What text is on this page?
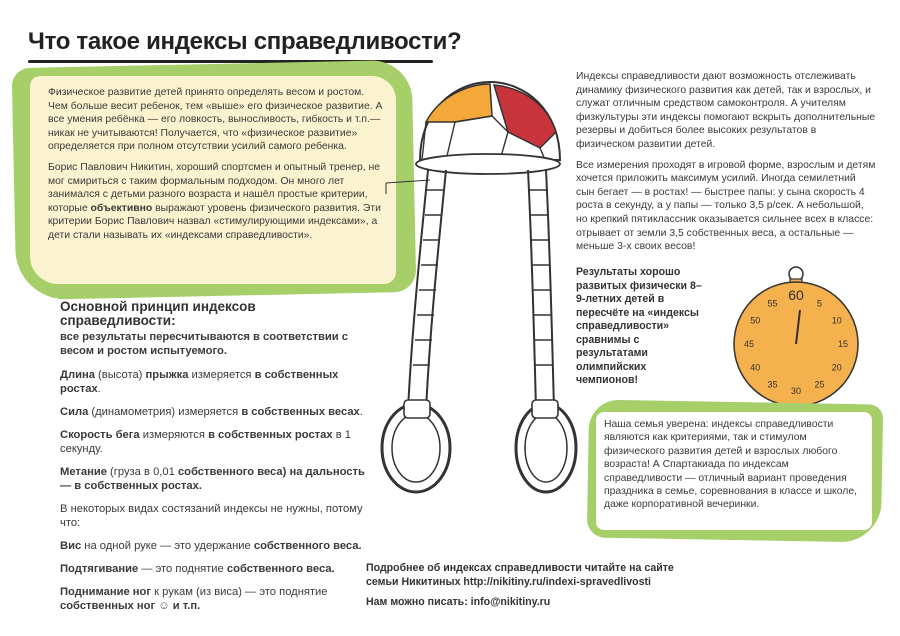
Что такое индексы справедливости?

Физическое развитие детей принято определять весом и ростом. Чем больше весит ребенок, тем «выше» его физическое развитие. А все умения ребёнка — его ловкость, выносливость, гибкость и т.п.— никак не учитываются! Получается, что «физическое развитие» определяется при полном отсутствии усилий самого ребенка.

Борис Павлович Никитин, хороший спортсмен и опытный тренер, не мог смириться с таким формальным подходом. Он много лет занимался с детьми разного возраста и нашёл простые критерии, которые объективно выражают уровень физического развития. Эти критерии Борис Павлович назвал «стимулирующими индексами», а дети стали называть их «индексами справедливости».

Основной принцип индексов справедливости:
все результаты пересчитываются в соответствии с весом и ростом испытуемого.

Длина (высота) прыжка измеряется в собственных ростах.

Сила (динамометрия) измеряется в собственных весах.

Скорость бега измеряются в собственных ростах в 1 секунду.

Метание (груза в 0,01 собственного веса) на дальность — в собственных ростах.

В некоторых видах состязаний индексы не нужны, потому что:

Вис на одной руке — это удержание собственного веса.

Подтягивание — это поднятие собственного веса.

Поднимание ног к рукам (из виса) — это поднятие собственных ног ☺ и т.п.

Индексы справедливости дают возможность отслеживать динамику физического развития как детей, так и взрослых, и служат отличным средством самоконтроля. А учителям физкультуры эти индексы помогают вскрыть дополнительные резервы и добиться более высоких результатов в физическом развитии детей.

Все измерения проходят в игровой форме, взрослым и детям хочется приложить максимум усилий. Иногда семилетний сын бегает — в ростах! — быстрее папы: у сына скорость 4 роста в секунду, а у папы — только 3,5 р/сек. А небольшой, но крепкий пятиклассник оказывается сильнее всех в классе: отрывает от земли 3,5 собственных веса, а остальные — меньше 3-х своих весов!

Результаты хорошо развитых физически 8–9-летних детей в пересчёте на «индексы справедливости» сравнимы с результатами олимпийских чемпионов!
60
5
10
15
20
25
30
35
40
45
50
55
Наша семья уверена: индексы справедливости являются как критериями, так и стимулом физического развития детей и взрослых любого возраста! А Спартакиада по индексам справедливости — отличный вариант проведения праздника в семье, соревнования в классе и школе, даже корпоративной вечеринки.

Подробнее об индексах справедливости читайте на сайте семьи Никитиных http://nikitiny.ru/indexi-spravedlivosti

Нам можно писать: info@nikitiny.ru
